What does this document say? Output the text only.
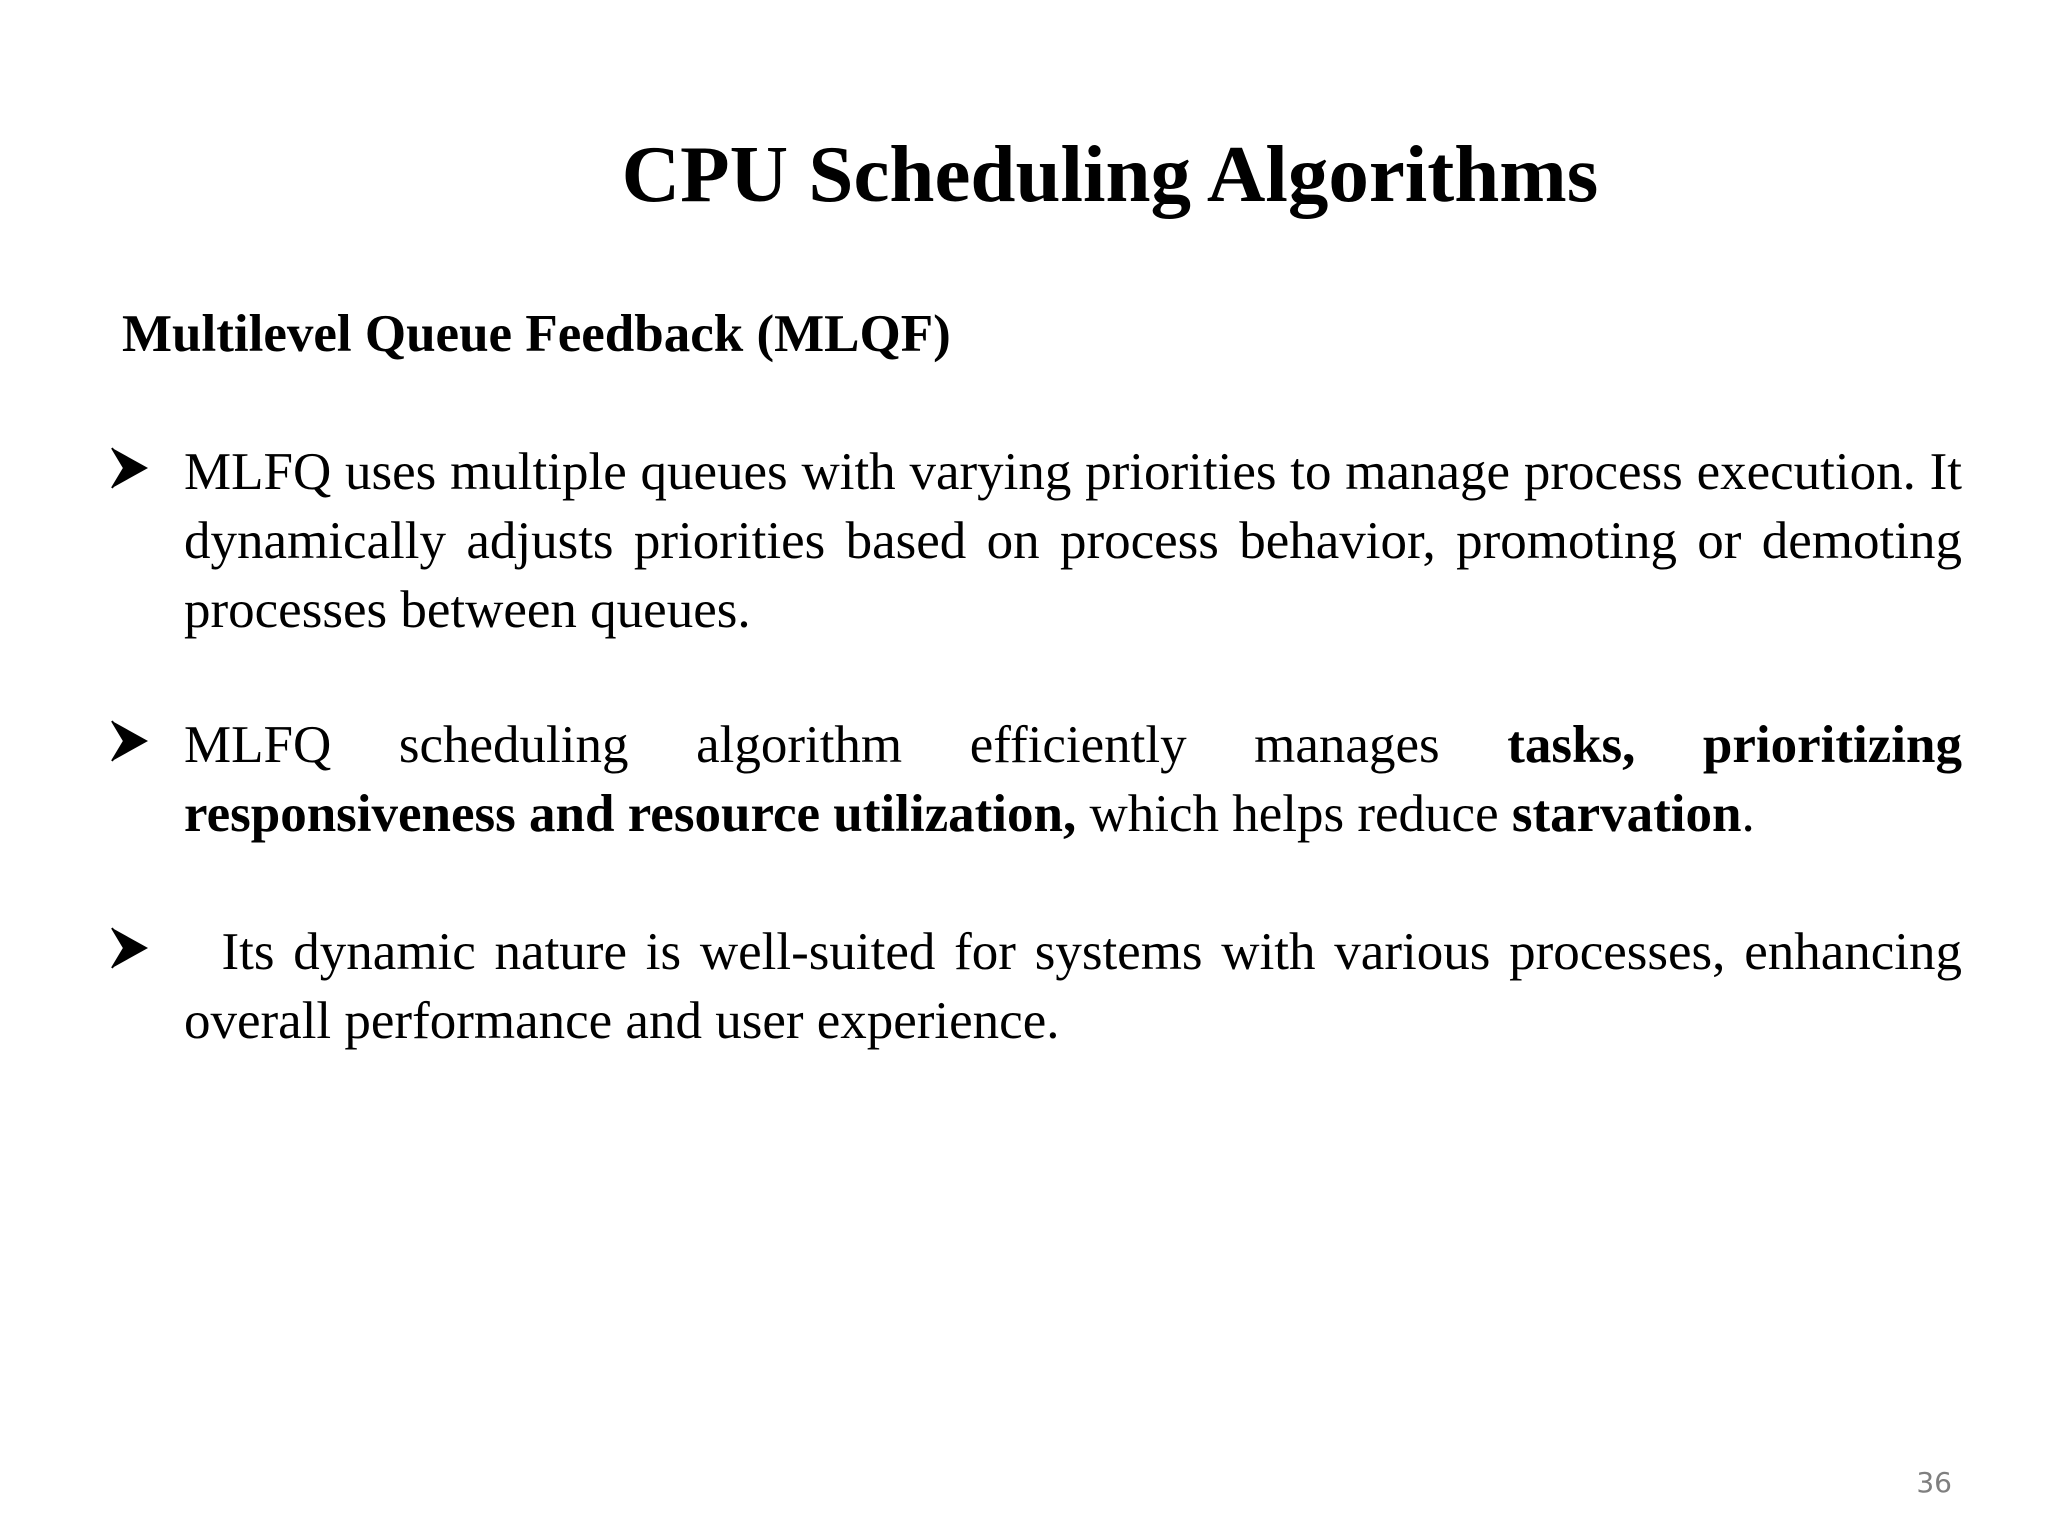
CPU Scheduling Algorithms
Multilevel Queue Feedback (MLQF)

MLFQ uses multiple queues with varying priorities to manage process execution. It dynamically adjusts priorities based on process behavior, promoting or demoting processes between queues.

MLFQ scheduling algorithm efficiently manages tasks, prioritizing responsiveness and resource utilization, which helps reduce starvation.

Its dynamic nature is well-suited for systems with various processes, enhancing overall performance and user experience.

36
